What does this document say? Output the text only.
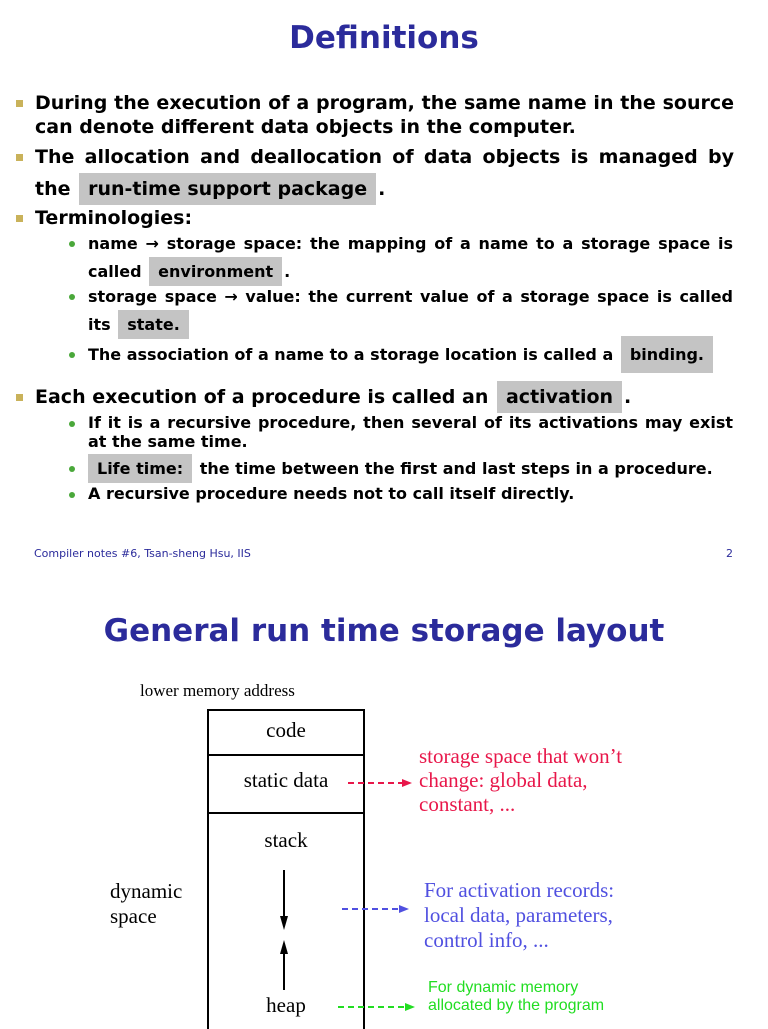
Definitions
During the execution of a program, the same name in the source can denote different data objects in the computer.
The allocation and deallocation of data objects is managed by the run-time support package .
Terminologies:
name → storage space: the mapping of a name to a storage space is called environment .
storage space → value: the current value of a storage space is called its state.
The association of a name to a storage location is called a binding.
Each execution of a procedure is called an activation .
If it is a recursive procedure, then several of its activations may exist at the same time.
Life time: the time between the first and last steps in a procedure.
A recursive procedure needs not to call itself directly.
Compiler notes #6, Tsan-sheng Hsu, IIS	2
General run time storage layout
lower memory address
code
static data
stack
heap
dynamic
space
storage space that won’t
change: global data,
constant, ...
For activation records:
local data, parameters,
control info, ...
For dynamic memory
allocated by the program
